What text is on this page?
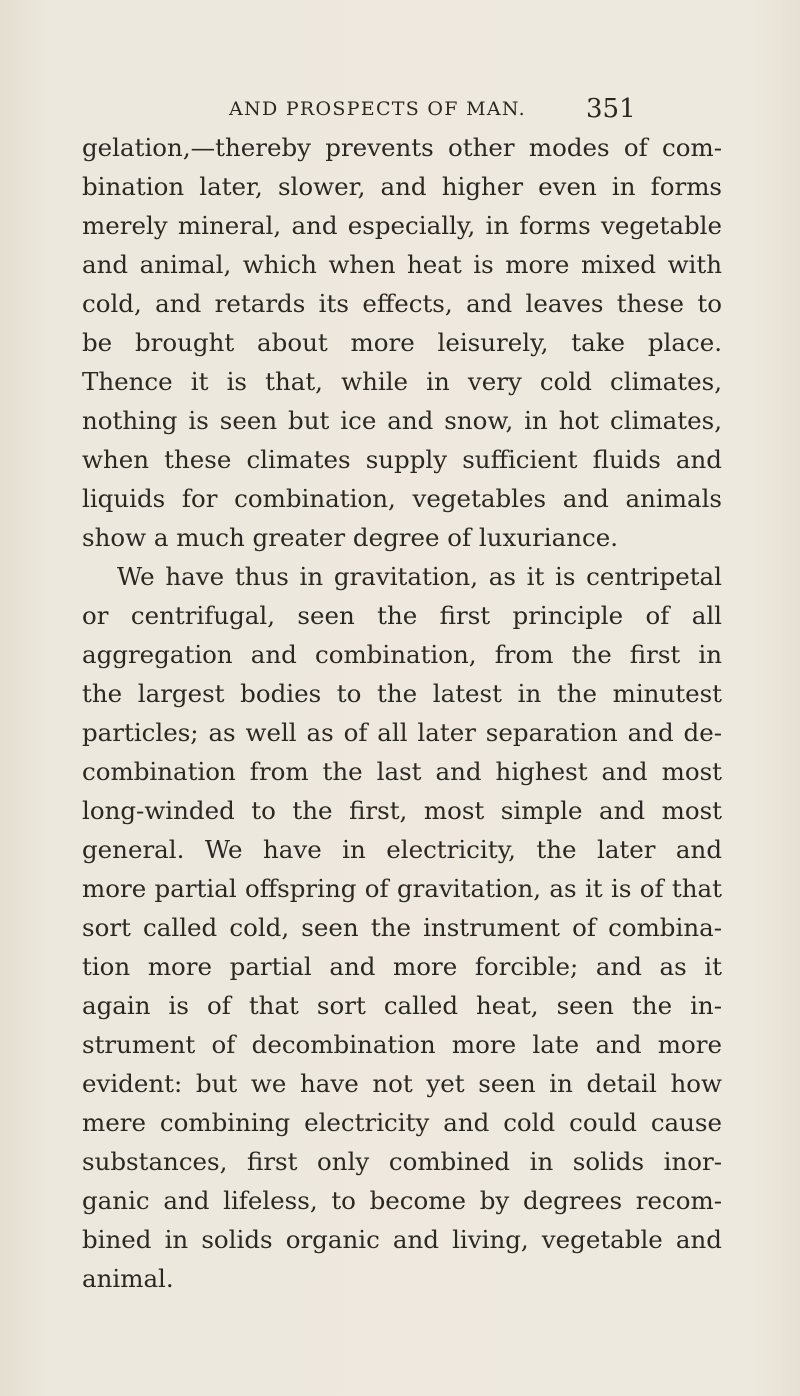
AND PROSPECTS OF MAN. 351
gelation,—thereby prevents other modes of com-
bination later, slower, and higher even in forms
merely mineral, and especially, in forms vegetable
and animal, which when heat is more mixed with
cold, and retards its effects, and leaves these to
be brought about more leisurely, take place.
Thence it is that, while in very cold climates,
nothing is seen but ice and snow, in hot climates,
when these climates supply sufficient fluids and
liquids for combination, vegetables and animals
show a much greater degree of luxuriance.
We have thus in gravitation, as it is centripetal
or centrifugal, seen the first principle of all
aggregation and combination, from the first in
the largest bodies to the latest in the minutest
particles; as well as of all later separation and de-
combination from the last and highest and most
long-winded to the first, most simple and most
general. We have in electricity, the later and
more partial offspring of gravitation, as it is of that
sort called cold, seen the instrument of combina-
tion more partial and more forcible; and as it
again is of that sort called heat, seen the in-
strument of decombination more late and more
evident: but we have not yet seen in detail how
mere combining electricity and cold could cause
substances, first only combined in solids inor-
ganic and lifeless, to become by degrees recom-
bined in solids organic and living, vegetable and
animal.
